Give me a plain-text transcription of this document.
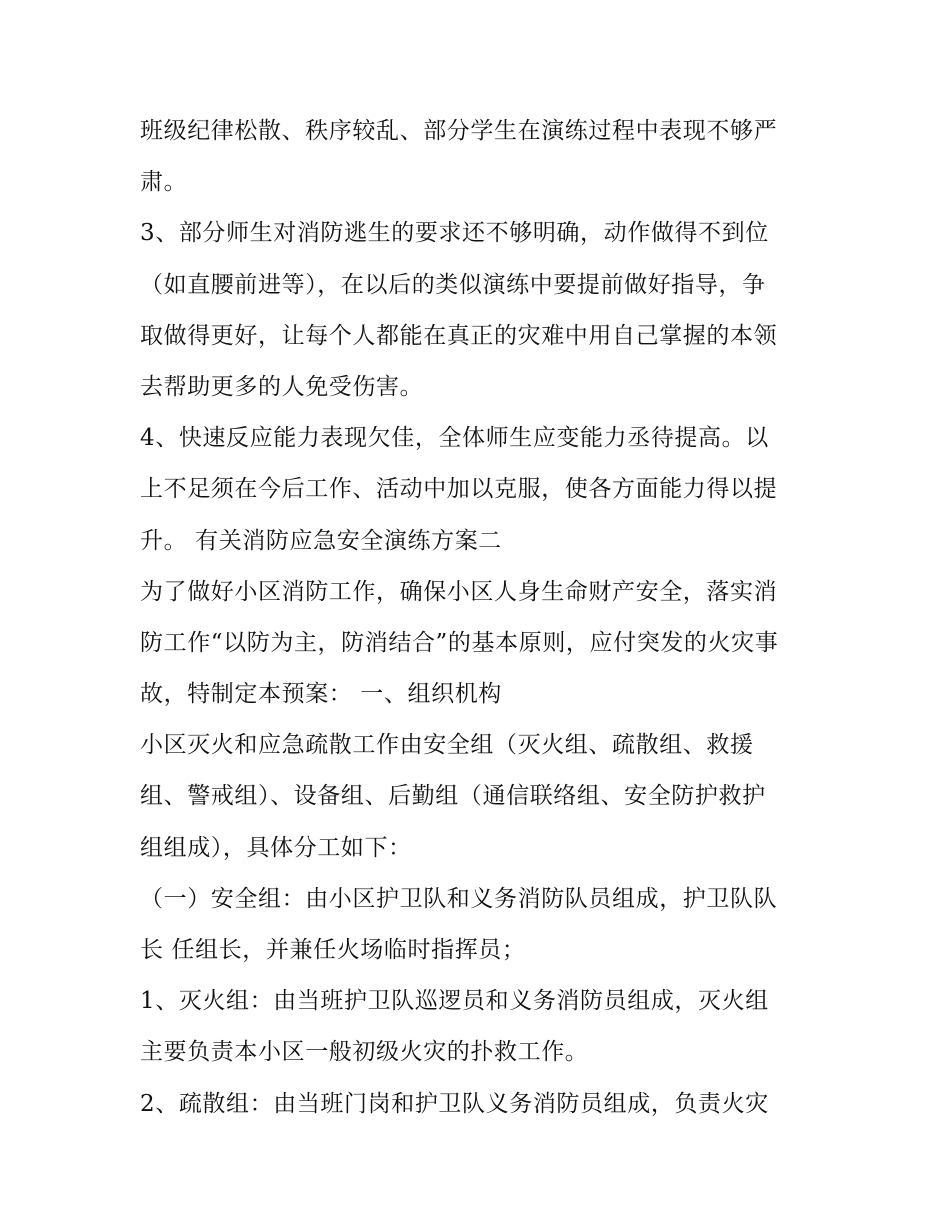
班级纪律松散、秩序较乱、部分学生在演练过程中表现不够严
肃。
3、部分师生对消防逃生的要求还不够明确，动作做得不到位
（如直腰前进等），在以后的类似演练中要提前做好指导，争
取做得更好，让每个人都能在真正的灾难中用自己掌握的本领
去帮助更多的人免受伤害。
4、快速反应能力表现欠佳，全体师生应变能力丞待提高。以
上不足须在今后工作、活动中加以克服，使各方面能力得以提
升。 有关消防应急安全演练方案二
为了做好小区消防工作，确保小区人身生命财产安全，落实消
防工作“以防为主，防消结合”的基本原则，应付突发的火灾事
故，特制定本预案： 一、组织机构
小区灭火和应急疏散工作由安全组（灭火组、疏散组、救援
组、警戒组）、设备组、后勤组（通信联络组、安全防护救护
组组成），具体分工如下：
（一）安全组：由小区护卫队和义务消防队员组成，护卫队队
长 任组长，并兼任火场临时指挥员；
1、灭火组：由当班护卫队巡逻员和义务消防员组成，灭火组
主要负责本小区一般初级火灾的扑救工作。
2、疏散组：由当班门岗和护卫队义务消防员组成，负责火灾
